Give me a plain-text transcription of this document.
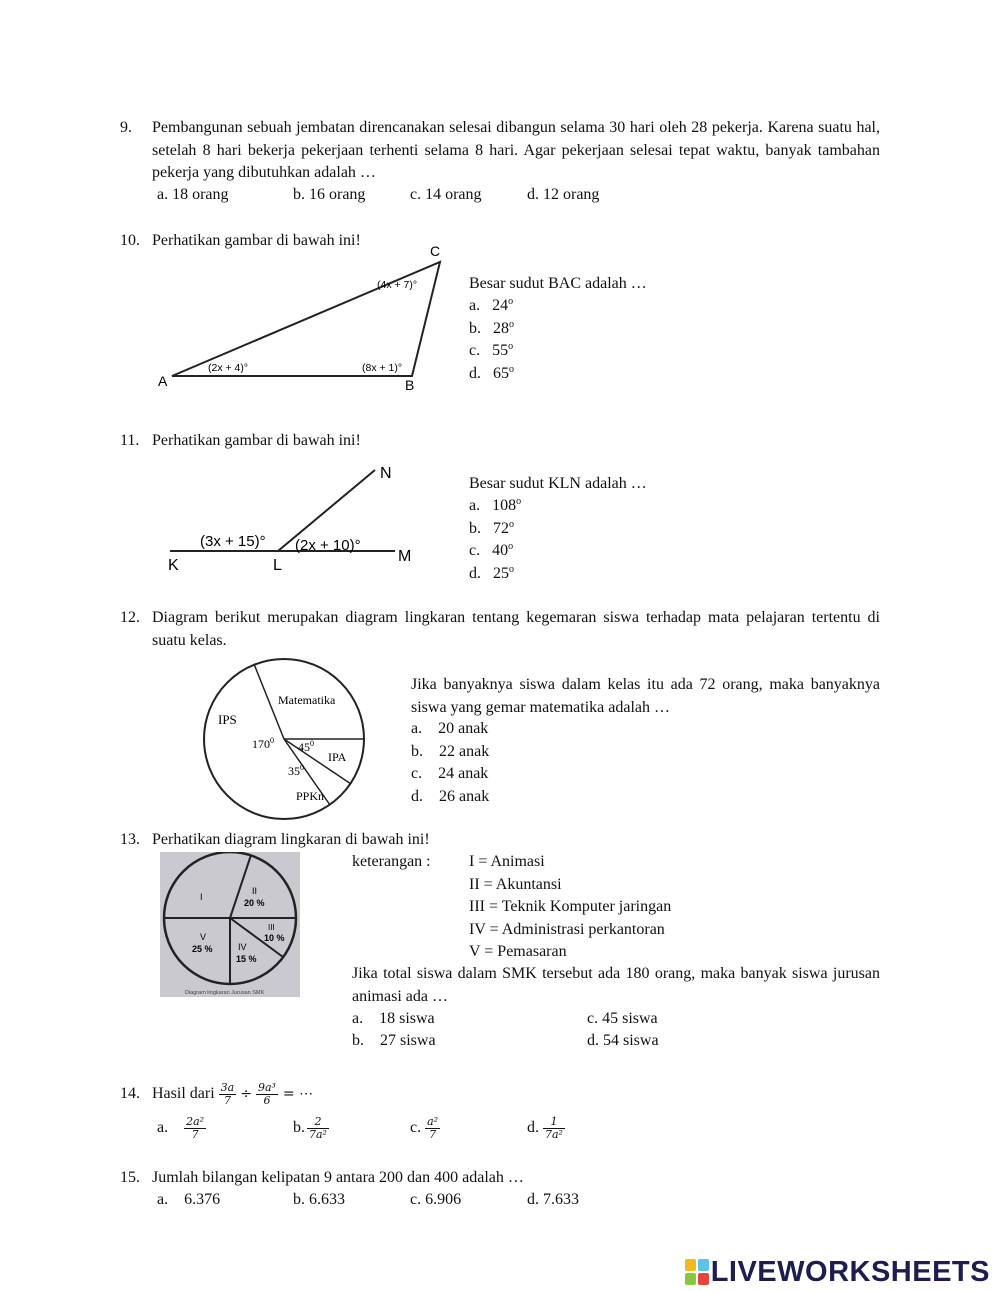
9. Pembangunan sebuah jembatan direncanakan selesai dibangun selama 30 hari oleh 28 pekerja. Karena suatu hal, setelah 8 hari bekerja pekerjaan terhenti selama 8 hari. Agar pekerjaan selesai tepat waktu, banyak tambahan pekerja yang dibutuhkan adalah …
a. 18 orang	b. 16 orang	c. 14 orang	d. 12 orang
10. Perhatikan gambar di bawah ini!
A	B
C
(2x + 4)°	(8x + 1)°
(4x + 7)°	Besar sudut BAC adalah …
a. 24$^o$
b. 28$^o$
c. 55$^o$
d. 65$^o$
11. Perhatikan gambar di bawah ini!
N
K	L
M
(3x + 15)° (2x + 10)°
Besar sudut KLN adalah …
a. 108$^o$
b. 72$^o$
c. 40$^o$
d. 25$^o$
12. Diagram berikut merupakan diagram lingkaran tentang kegemaran siswa terhadap mata pelajaran tertentu di suatu kelas.
Matematika
IPS
IPA
PPKn
$170^0$ $45^0$
$35^0$
Jika banyaknya siswa dalam kelas itu ada 72 orang, maka banyaknya siswa yang gemar matematika adalah …
a.    20 anak
b.    22 anak
c.    24 anak
d.    26 anak
13. Perhatikan diagram lingkaran di bawah ini!
I
II
20 %
III
10 %
IV
15 %
V
25 %
Diagram lingkaran Jurusan SMK
keterangan : I = Animasi
II = Akuntansi
III = Teknik Komputer jaringan
IV = Administrasi perkantoran
V = Pemasaran
Jika total siswa dalam SMK tersebut ada 180 orang, maka banyak siswa jurusan animasi ada …
a.    18 siswa	c. 45 siswa
b.    27 siswa	d. 54 siswa
14. Hasil dari $\frac{3a}{7} \div \frac{\text{9a³}}{6}$ = ⋯
a. $\frac{\text{2a²}}{7}$	b. $\frac{2}{\text{7a²}}$	c. $\frac{\text{a²}}{7}$	d. $\frac{1}{\text{7a²}}$
15. Jumlah bilangan kelipatan 9 antara 200 dan 400 adalah …
a.    6.376	b. 6.633	c. 6.906	d. 7.633
LIVEWORKSHEETS
